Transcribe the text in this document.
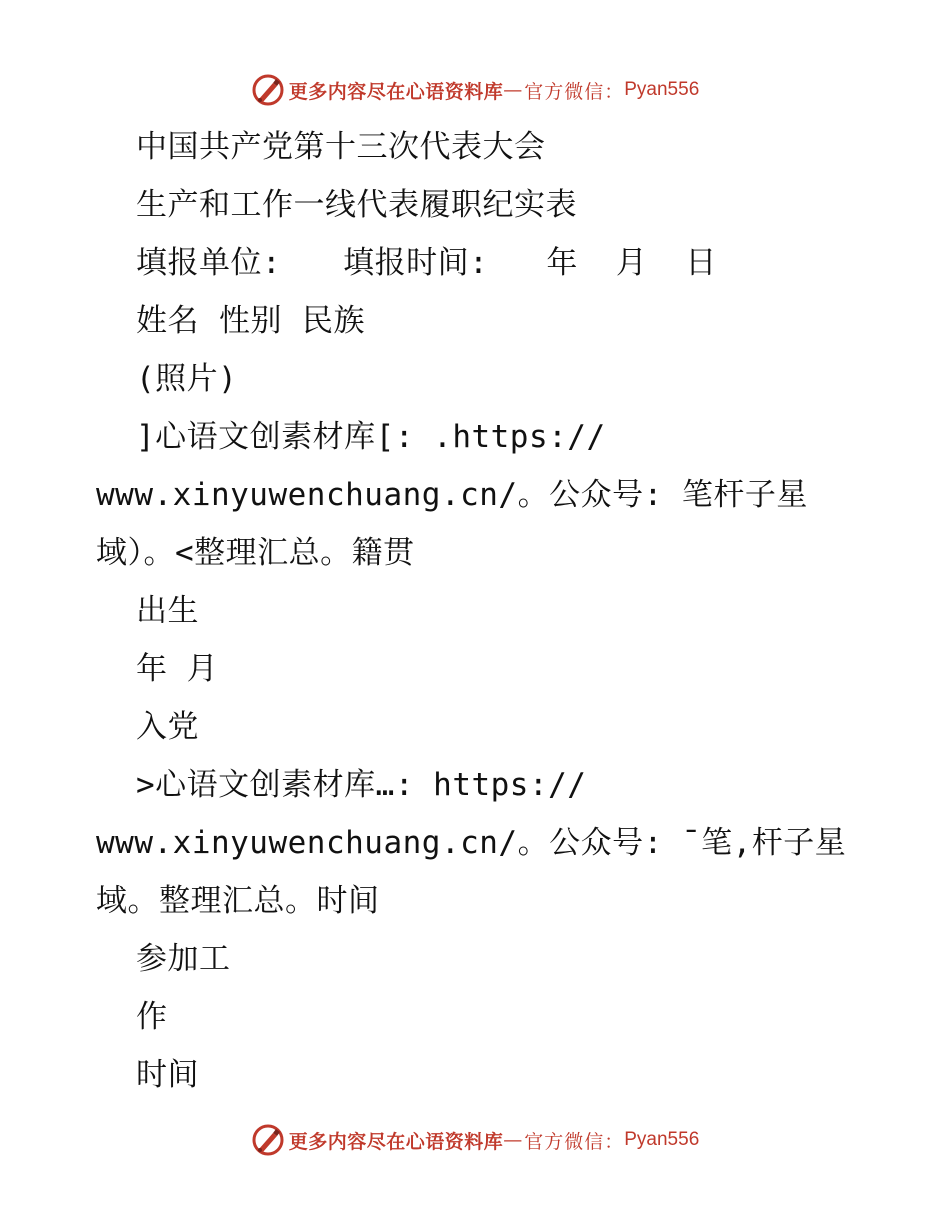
更多内容尽在心语资料库 — 官方微信： Pyan556
中国共产党第十三次代表大会
生产和工作一线代表履职纪实表
填报单位: 填报时间: 年 月 日
姓名 性别 民族
(照片)
]心语文创素材库[: .https://
www.xinyuwenchuang.cn/。公众号: 笔杆子星
域）。<整理汇总。籍贯
出生
年 月
入党
>心语文创素材库…: https://
www.xinyuwenchuang.cn/。公众号: ¯笔,杆子星
域。整理汇总。时间
参加工
作
时间
更多内容尽在心语资料库 — 官方微信： Pyan556
